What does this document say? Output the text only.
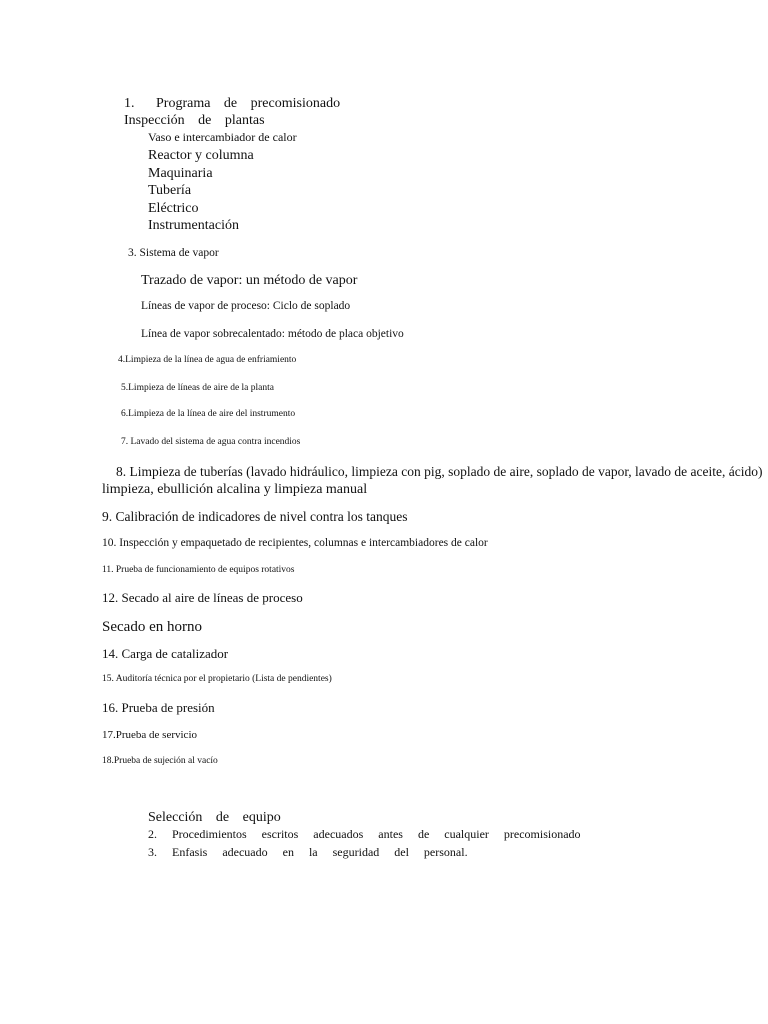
1. Programa de precomisionado
Inspección de plantas
Vaso e intercambiador de calor
Reactor y columna
Maquinaria
Tubería
Eléctrico
Instrumentación
3. Sistema de vapor
Trazado de vapor: un método de vapor
Líneas de vapor de proceso: Ciclo de soplado
Línea de vapor sobrecalentado: método de placa objetivo
4.Limpieza de la línea de agua de enfriamiento
5.Limpieza de líneas de aire de la planta
6.Limpieza de la línea de aire del instrumento
7. Lavado del sistema de agua contra incendios
8. Limpieza de tuberías (lavado hidráulico, limpieza con pig, soplado de aire, soplado de vapor, lavado de aceite, ácido)
limpieza, ebullición alcalina y limpieza manual
9. Calibración de indicadores de nivel contra los tanques
10. Inspección y empaquetado de recipientes, columnas e intercambiadores de calor
11. Prueba de funcionamiento de equipos rotativos
12. Secado al aire de líneas de proceso
Secado en horno
14. Carga de catalizador
15. Auditoría técnica por el propietario (Lista de pendientes)
16. Prueba de presión
17.Prueba de servicio
18.Prueba de sujeción al vacío
Selección de equipo
2. Procedimientos escritos adecuados antes de cualquier precomisionado
3. Enfasis adecuado en la seguridad del personal.
